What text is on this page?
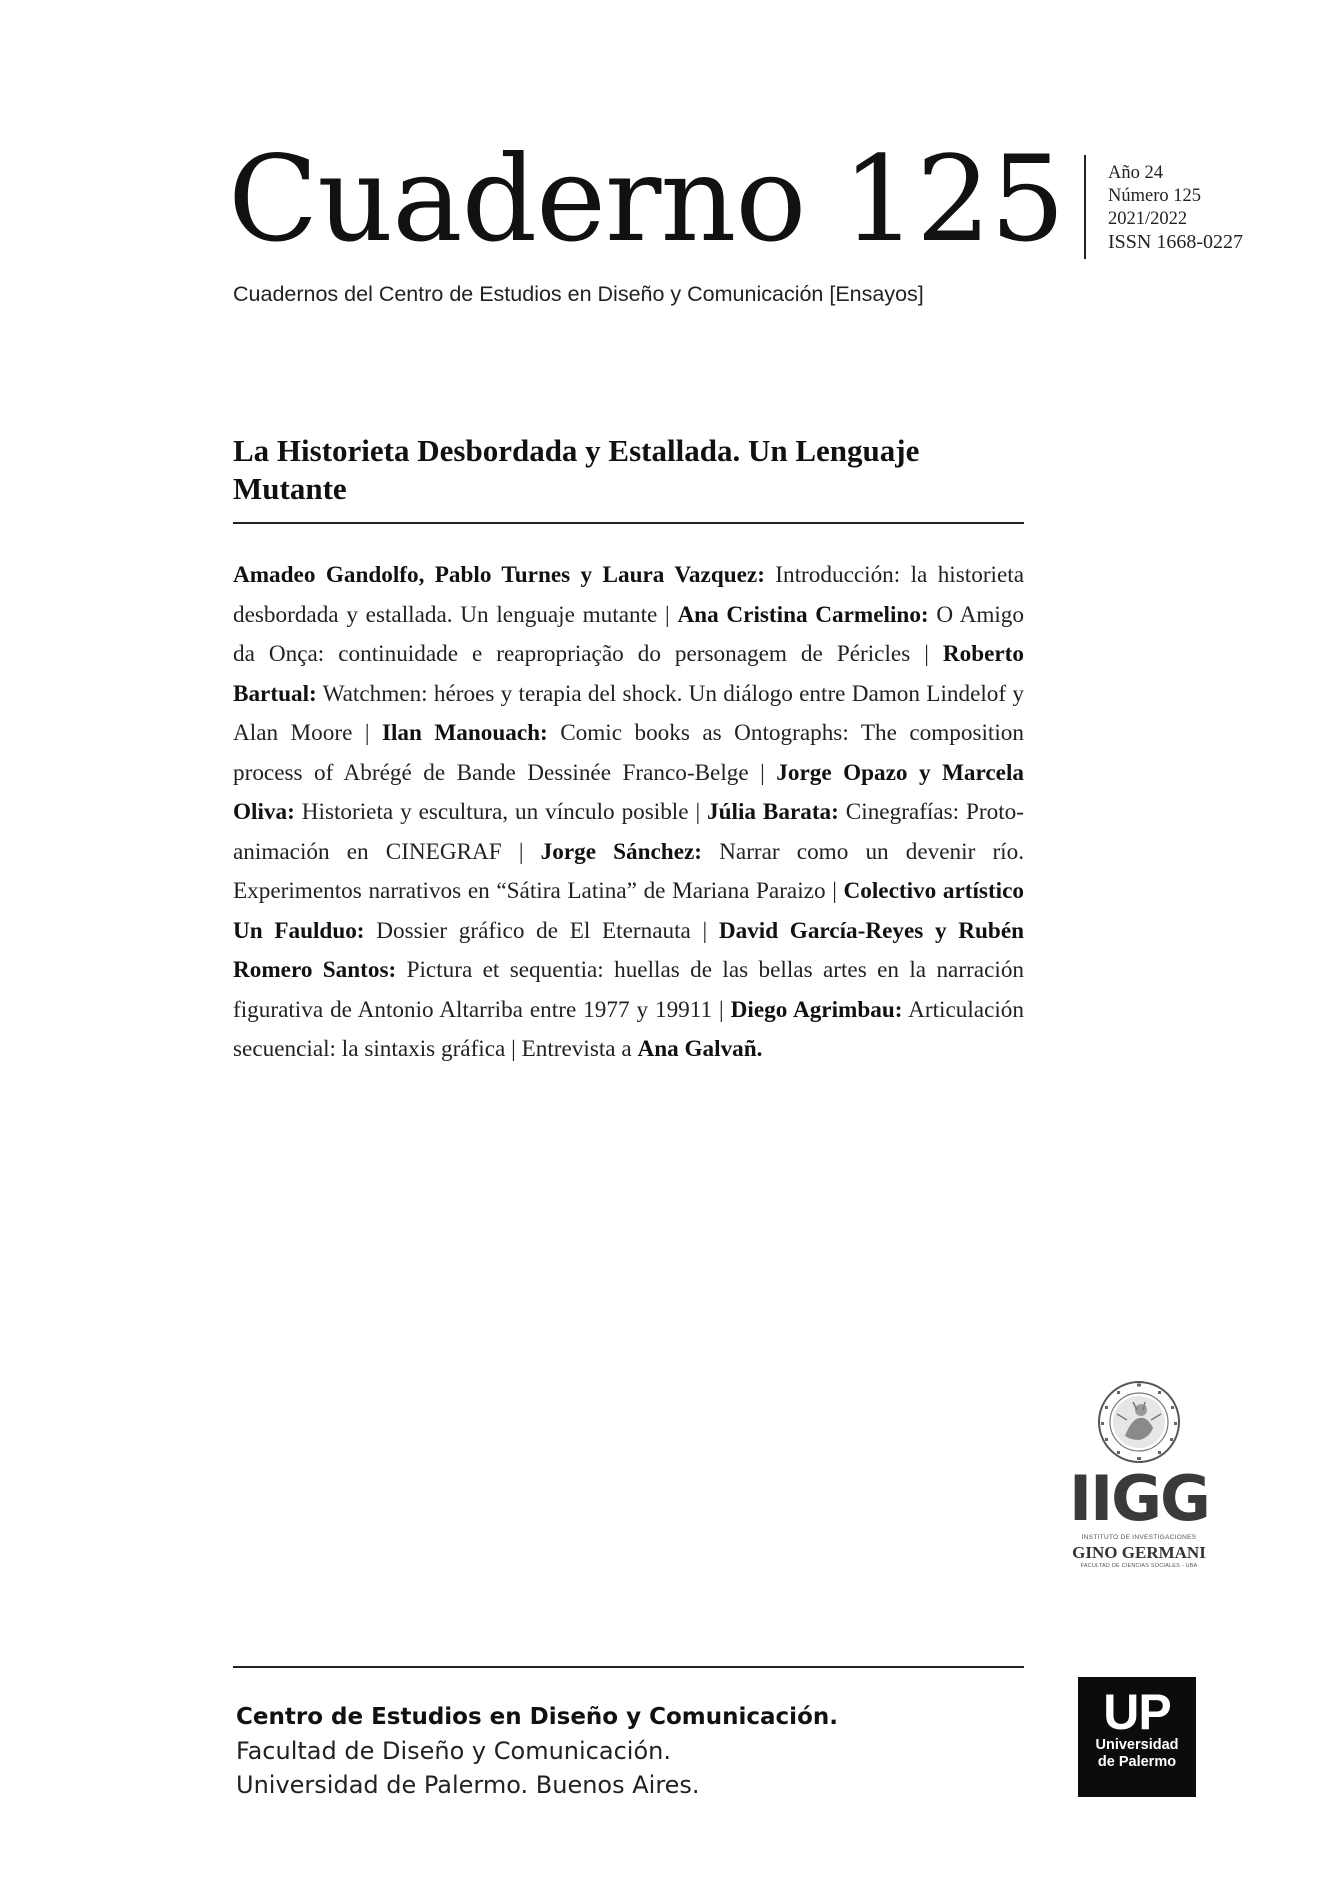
Cuaderno 125
Cuadernos del Centro de Estudios en Diseño y Comunicación [Ensayos]
Año 24
Número 125
2021/2022
ISSN 1668-0227
La Historieta Desbordada y Estallada. Un Lenguaje Mutante
Amadeo Gandolfo, Pablo Turnes y Laura Vazquez: Introducción: la historieta desbordada y estallada. Un lenguaje mutante | Ana Cristina Carmelino: O Amigo da Onça: continuidade e reapropriação do personagem de Péricles | Roberto Bartual: Watchmen: héroes y terapia del shock. Un diálogo entre Damon Lindelof y Alan Moore | Ilan Manouach: Comic books as Ontographs: The composition process of Abrégé de Bande Dessinée Franco-Belge | Jorge Opazo y Marcela Oliva: Historieta y escultura, un vínculo posible | Júlia Barata: Cinegrafías: Proto-animación en CINEGRAF | Jorge Sánchez: Narrar como un devenir río. Experimentos narrativos en “Sátira Latina” de Mariana Paraizo | Colectivo artístico Un Faulduo: Dossier gráfico de El Eternauta | David García-Reyes y Rubén Romero Santos: Pictura et sequentia: huellas de las bellas artes en la narración figurativa de Antonio Altarriba entre 1977 y 19911 | Diego Agrimbau: Articulación secuencial: la sintaxis gráfica | Entrevista a Ana Galvañ.
IIGG
INSTITUTO DE INVESTIGACIONES
GINO GERMANI
FACULTAD DE CIENCIAS SOCIALES - UBA
Centro de Estudios en Diseño y Comunicación.
Facultad de Diseño y Comunicación.
Universidad de Palermo. Buenos Aires.
UP
Universidad
de Palermo
